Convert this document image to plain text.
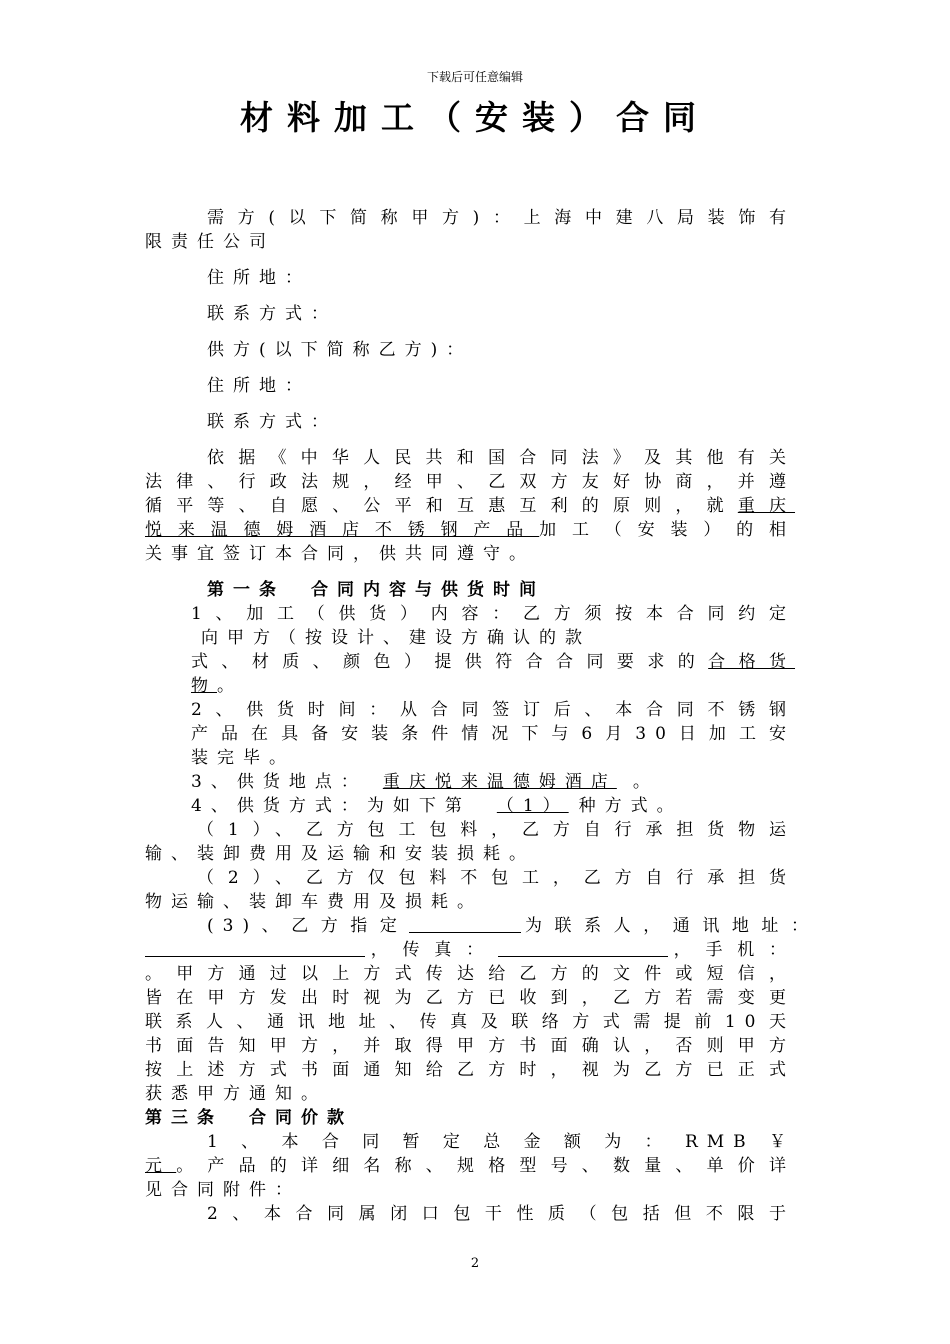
下载后可任意编辑
材料加工（安装）合同
需方(以下简称甲方)：上海中建八局装饰有
限责任公司
住所地：
联系方式：
供方(以下简称乙方)：
住所地：
联系方式：
依据《中华人民共和国合同法》及其他有关
法律、行政法规，经甲、乙双方友好协商，并遵
循平等、自愿、公平和互惠互利的原则，就重庆
悦来温德姆酒店不锈钢产品加工（安装）的相
关事宜签订本合同，供共同遵守。
第一条　合同内容与供货时间
1、加工（供货）内容：乙方须按本合同约定
向甲方（按设计、建设方确认的款
式、材质、颜色）提供符合合同要求的合格货
物。
2、供货时间：从合同签订后、本合同不锈钢
产品在具备安装条件情况下与6月30日加工安
装完毕。
3、供货地点： 重庆悦来温德姆酒店 。
4、供货方式：为如下第 （1） 种方式。
（1）、乙方包工包料，乙方自行承担货物运
输、装卸费用及运输和安装损耗。
（2）、乙方仅包料不包工，乙方自行承担货
物运输、装卸车费用及损耗。
(3)、乙方指定	为联系人，通讯地址：
，传真：	，手机：
。甲方通过以上方式传达给乙方的文件或短信，
皆在甲方发出时视为乙方已收到，乙方若需变更
联系人、通讯地址、传真及联络方式需提前10天
书面告知甲方，并取得甲方书面确认，否则甲方
按上述方式书面通知给乙方时，视为乙方已正式
获悉甲方通知。
第三条　合同价款
1、本合同暂定总金额为：RMB￥
元。产品的详细名称、规格型号、数量、单价详
见合同附件：
2、本合同属闭口包干性质（包括但不限于
2
